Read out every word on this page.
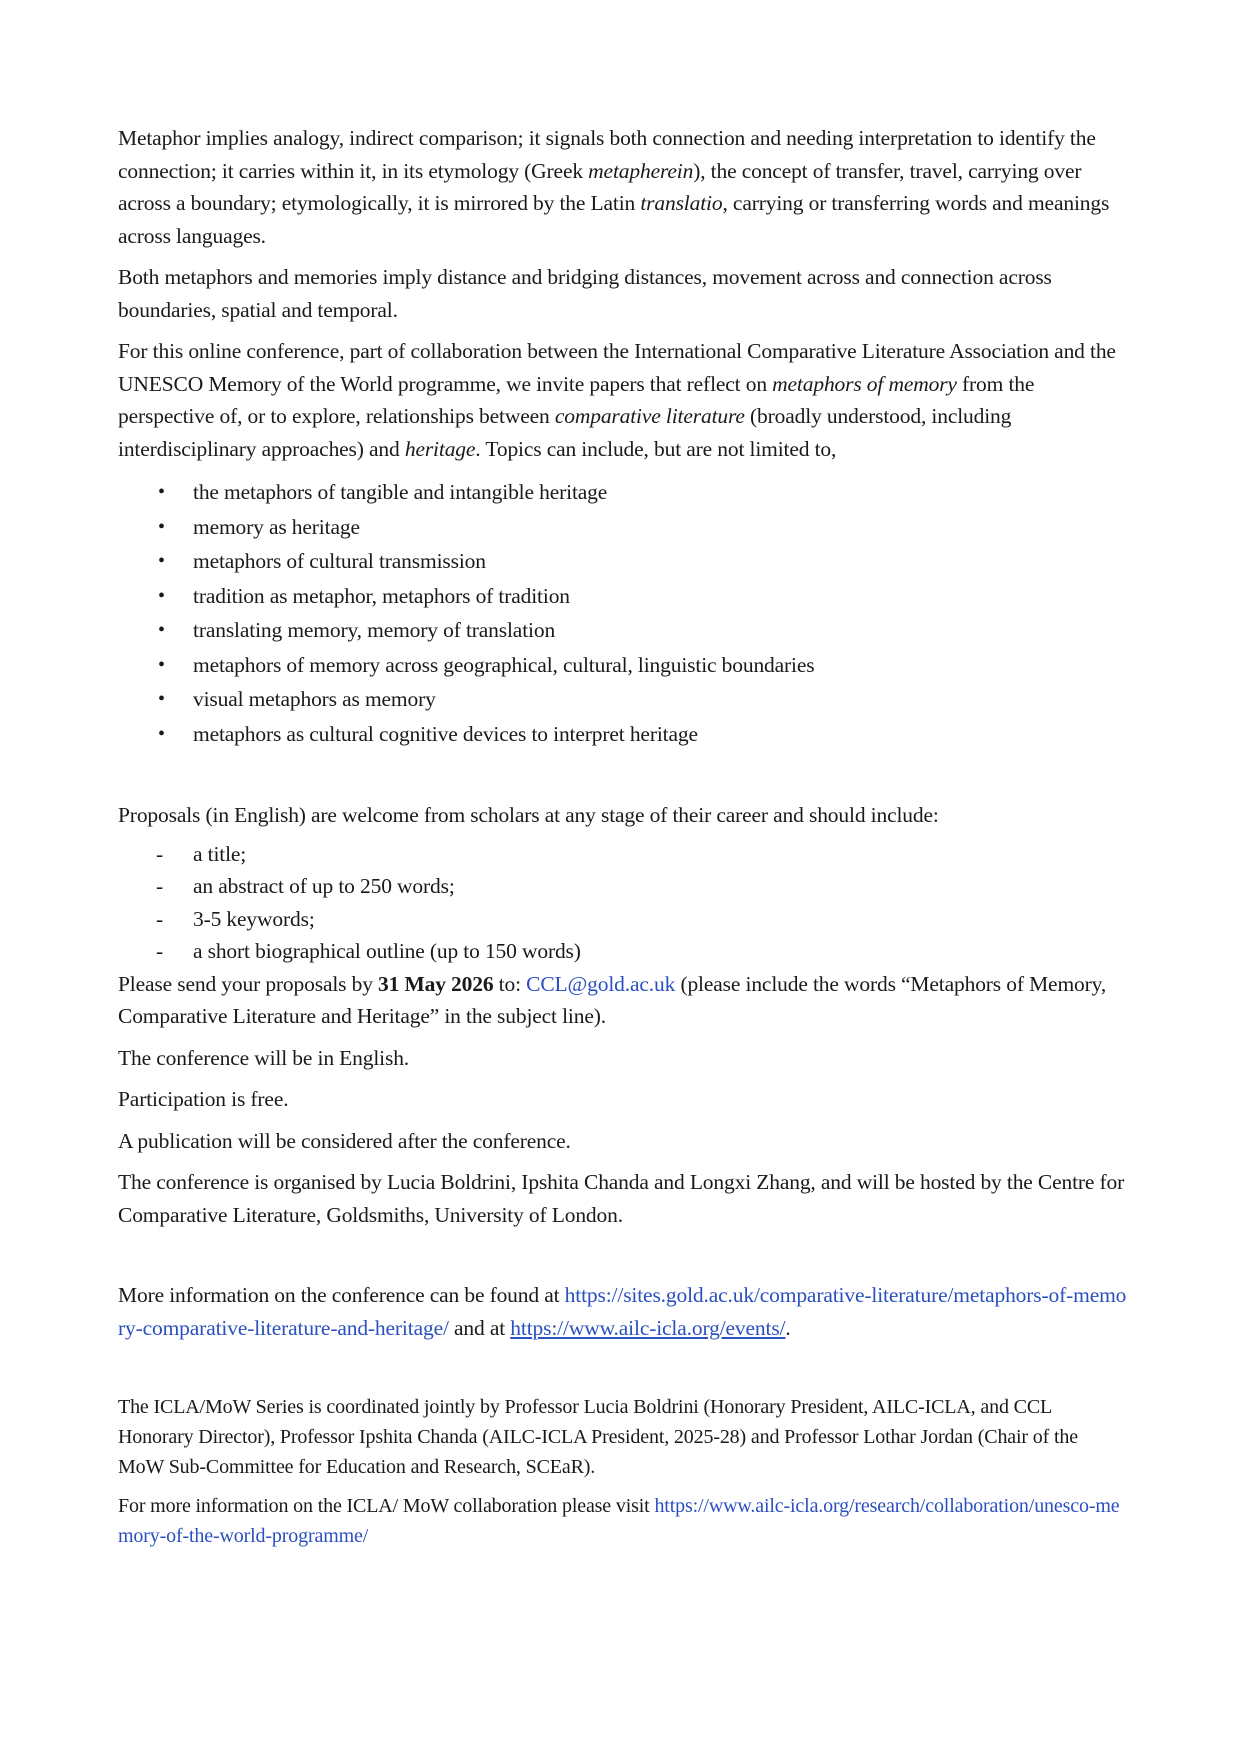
Metaphor implies analogy, indirect comparison; it signals both connection and needing interpretation to identify the connection; it carries within it, in its etymology (Greek metapherein), the concept of transfer, travel, carrying over across a boundary; etymologically, it is mirrored by the Latin translatio, carrying or transferring words and meanings across languages.

Both metaphors and memories imply distance and bridging distances, movement across and connection across boundaries, spatial and temporal.

For this online conference, part of collaboration between the International Comparative Literature Association and the UNESCO Memory of the World programme, we invite papers that reflect on metaphors of memory from the perspective of, or to explore, relationships between comparative literature (broadly understood, including interdisciplinary approaches) and heritage. Topics can include, but are not limited to,

• the metaphors of tangible and intangible heritage
• memory as heritage
• metaphors of cultural transmission
• tradition as metaphor, metaphors of tradition
• translating memory, memory of translation
• metaphors of memory across geographical, cultural, linguistic boundaries
• visual metaphors as memory
• metaphors as cultural cognitive devices to interpret heritage

Proposals (in English) are welcome from scholars at any stage of their career and should include:

- a title;
- an abstract of up to 250 words;
- 3-5 keywords;
- a short biographical outline (up to 150 words)

Please send your proposals by 31 May 2026 to: CCL@gold.ac.uk (please include the words “Metaphors of Memory, Comparative Literature and Heritage” in the subject line).

The conference will be in English.

Participation is free.

A publication will be considered after the conference.

The conference is organised by Lucia Boldrini, Ipshita Chanda and Longxi Zhang, and will be hosted by the Centre for Comparative Literature, Goldsmiths, University of London.

More information on the conference can be found at https://sites.gold.ac.uk/comparative-literature/metaphors-of-memory-comparative-literature-and-heritage/ and at https://www.ailc-icla.org/events/.

The ICLA/MoW Series is coordinated jointly by Professor Lucia Boldrini (Honorary President, AILC-ICLA, and CCL Honorary Director), Professor Ipshita Chanda (AILC-ICLA President, 2025-28) and Professor Lothar Jordan (Chair of the MoW Sub-Committee for Education and Research, SCEaR).

For more information on the ICLA/ MoW collaboration please visit https://www.ailc-icla.org/research/collaboration/unesco-memory-of-the-world-programme/
